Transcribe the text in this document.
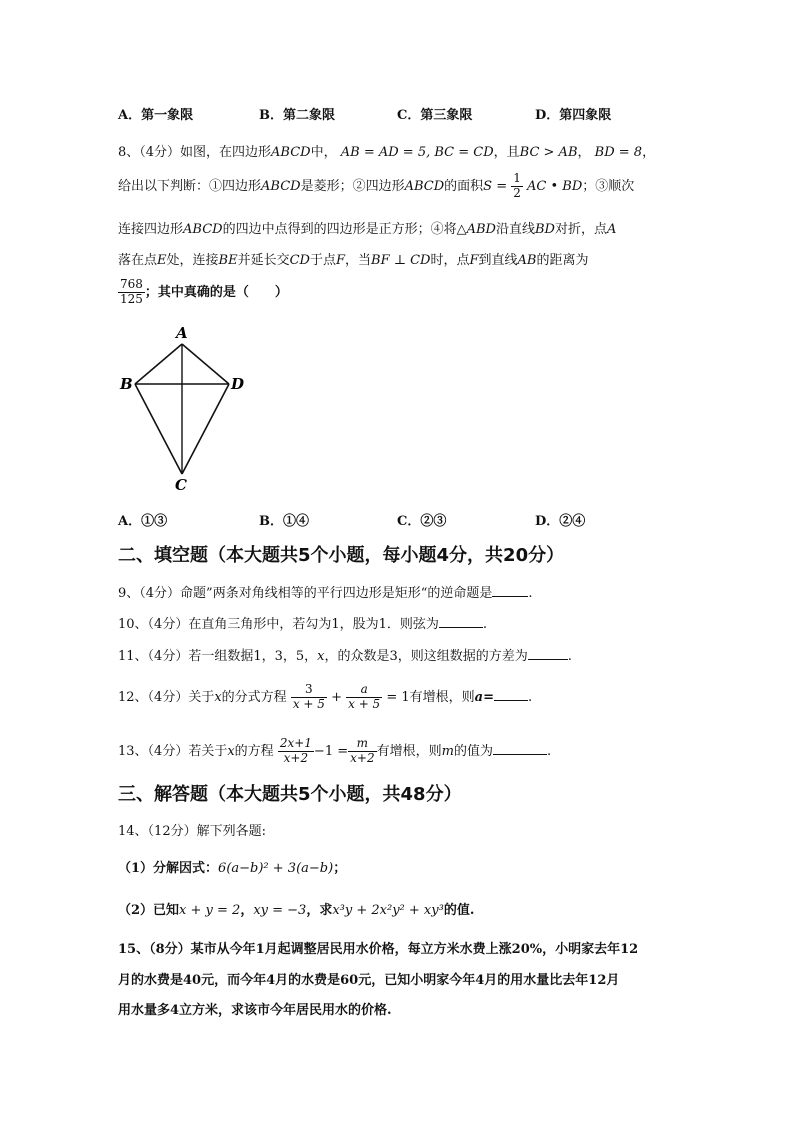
A．第一象限	B．第二象限	C．第三象限	D．第四象限
8、（4分）如图，在四边形ABCD中， AB = AD = 5, BC = CD，且BC > AB， BD = 8，
给出以下判断：①四边形ABCD是菱形；②四边形ABCD的面积$S = \frac{1}{2}$ AC • BD；③顺次
连接四边形ABCD的四边中点得到的四边形是正方形；④将△ABD沿直线BD对折，点A
落在点E处，连接BE并延长交CD于点F，当BF ⊥ CD时，点F到直线AB的距离为
$\frac{768}{125}$ ；其中真确的是（　　）
A
B	D
C
A．①③	B．①④	C．②③	D．②④
二、填空题（本大题共5个小题，每小题4分，共20分）
9、（4分）命题”两条对角线相等的平行四边形是矩形“的逆命题是	.
10、（4分）在直角三角形中，若勾为1，股为1．则弦为	.
11、（4分）若一组数据1，3，5，x，的众数是3，则这组数据的方差为	.
12、（4分）关于x的分式方程 $\frac{3}{x + 5} + \frac{a}{x + 5} = 1$有增根，则a=	.
13、（4分）若关于x的方程 $\frac{2x+1}{x+2} -1 = \frac{m}{x+2}$ 有增根，则m的值为	.
三、解答题（本大题共5个小题，共48分）
14、（12分）解下列各题:
（1）分解因式：6(a−b)² + 3(a−b)；
（2）已知x + y = 2，xy = −3，求x³y + 2x²y² + xy³的值.
15、（8分）某市从今年1月起调整居民用水价格，每立方米水费上涨20%，小明家去年12
月的水费是40元，而今年4月的水费是60元，已知小明家今年4月的用水量比去年12月
用水量多4立方米，求该市今年居民用水的价格.
